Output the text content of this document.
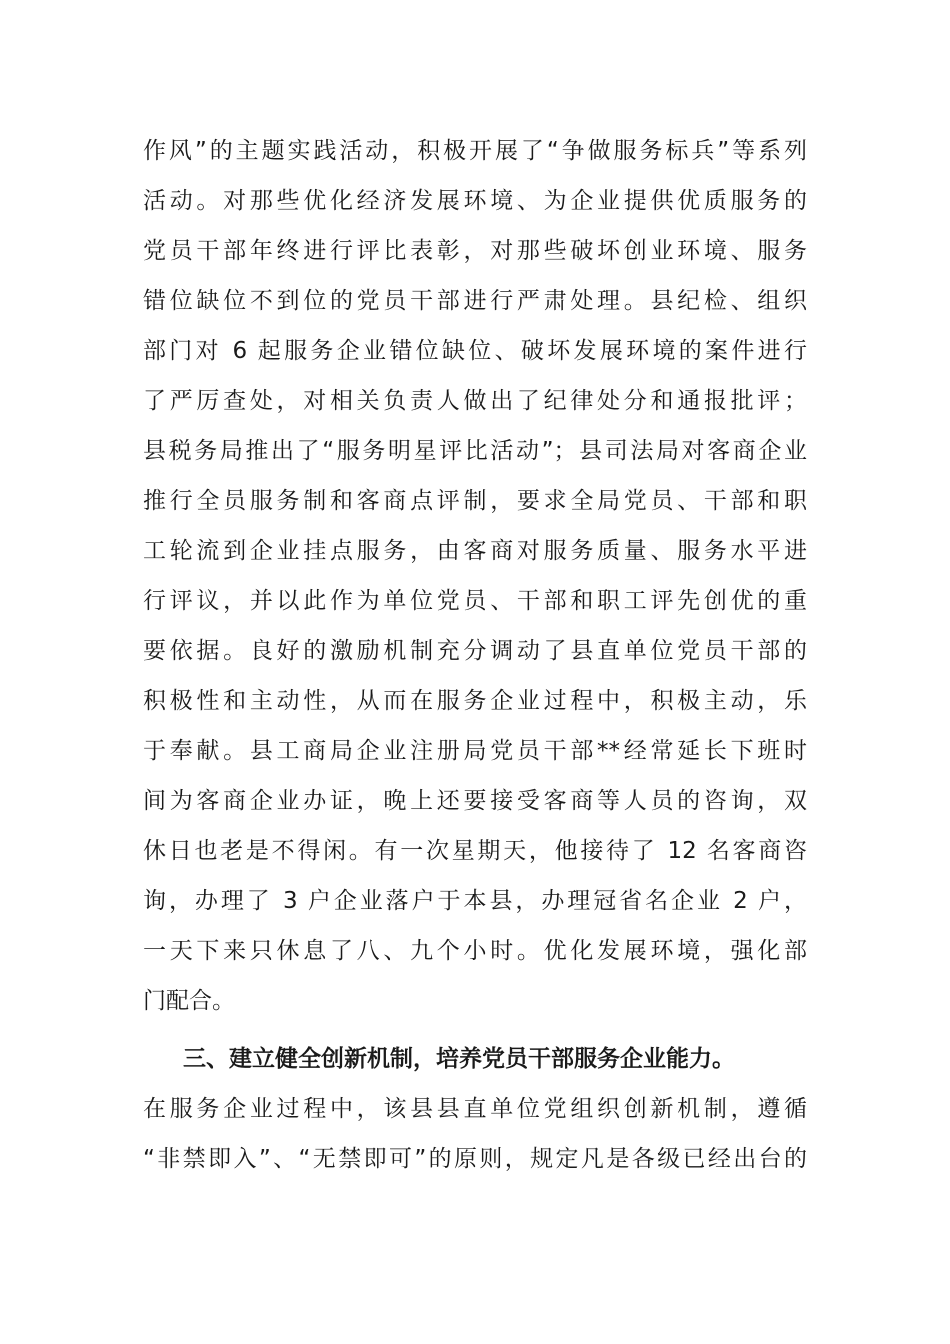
作风”的主题实践活动，积极开展了“争做服务标兵”等系列
活动。对那些优化经济发展环境、为企业提供优质服务的
党员干部年终进行评比表彰，对那些破坏创业环境、服务
错位缺位不到位的党员干部进行严肃处理。县纪检、组织
部门对 6 起服务企业错位缺位、破坏发展环境的案件进行
了严厉查处，对相关负责人做出了纪律处分和通报批评；
县税务局推出了“服务明星评比活动”；县司法局对客商企业
推行全员服务制和客商点评制，要求全局党员、干部和职
工轮流到企业挂点服务，由客商对服务质量、服务水平进
行评议，并以此作为单位党员、干部和职工评先创优的重
要依据。良好的激励机制充分调动了县直单位党员干部的
积极性和主动性，从而在服务企业过程中，积极主动，乐
于奉献。县工商局企业注册局党员干部**经常延长下班时
间为客商企业办证，晚上还要接受客商等人员的咨询，双
休日也老是不得闲。有一次星期天，他接待了 12 名客商咨
询，办理了 3 户企业落户于本县，办理冠省名企业 2 户，
一天下来只休息了八、九个小时。优化发展环境，强化部
门配合。
三、建立健全创新机制，培养党员干部服务企业能力。
在服务企业过程中，该县县直单位党组织创新机制，遵循
“非禁即入”、“无禁即可”的原则，规定凡是各级已经出台的
